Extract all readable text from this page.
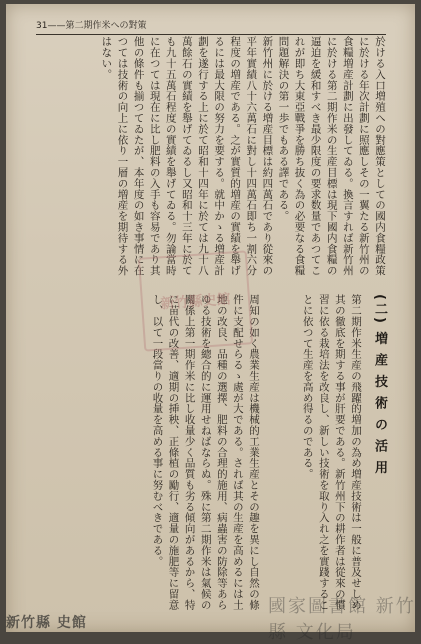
31——第二期作米への對策
於ける入口増殖への對應策としての國内食糧政策に於ける年次計劃に照應しその一翼たる新竹州の食糧増産計劃に出發してゐる。換言すれば新竹州に於ける第二期作米の生産目標は現下國内食糧の逼迫を緩和すべき最少限度の要求数量であつてこれが即ち大東亞戰爭を勝ち抜く為の必要なる食糧問題解決の第一歩でもある譯である。
新竹州に於ける増産目標は約四萬石であり從來の平年實績八十六萬石に對し十四萬石即ち一割六分程度の増産である。之が實質的増産の實績を舉げるには最大限の努力を要する。就中かゝる増産計劃を遂行する上に於て昭和十四年に於ては九十八萬餘石の實績を舉げてゐるし又昭和十三年に於ても九十五萬石程度の實績を舉げてゐる。勿論當時に在つては現在に比し肥料の入手も容易であり其他の條件も揃つてゐたが、本年度の如き事情に在つては技術の向上に依り一層の増産を期待する外はない。
(二) 増 産 技 術 の 活 用
第二期作米生産の飛躍的増加の為め増産技術は一般に普及せしめ其の徹底を期する事が肝要である。新竹州下の耕作者は從來の慣習に依る栽培法を改良し、新しい技術を取り入れ之を實踐することに依つて生産を高め得るのである。
周知の如く農業生産は機械的工業生産とその趣を異にし自然の條件に支配せらるゝ處が大である。されば其の生産を高めるには土地の改良、品種の選擇、肥料の合理的施用、病蟲害の防除等あらゆる技術を總合的に運用せねばならぬ。殊に第二期作米は氣候の關係上第一期作米に比し收量少く品質も劣る傾向があるから、特に苗代の改善、適期の挿秧、正條植の勵行、適量の施肥等に留意し、以て一段當りの收量を高める事に努むべきである。
新竹縣史館
國家圖書館 新竹縣 文化局
新竹縣 史館
